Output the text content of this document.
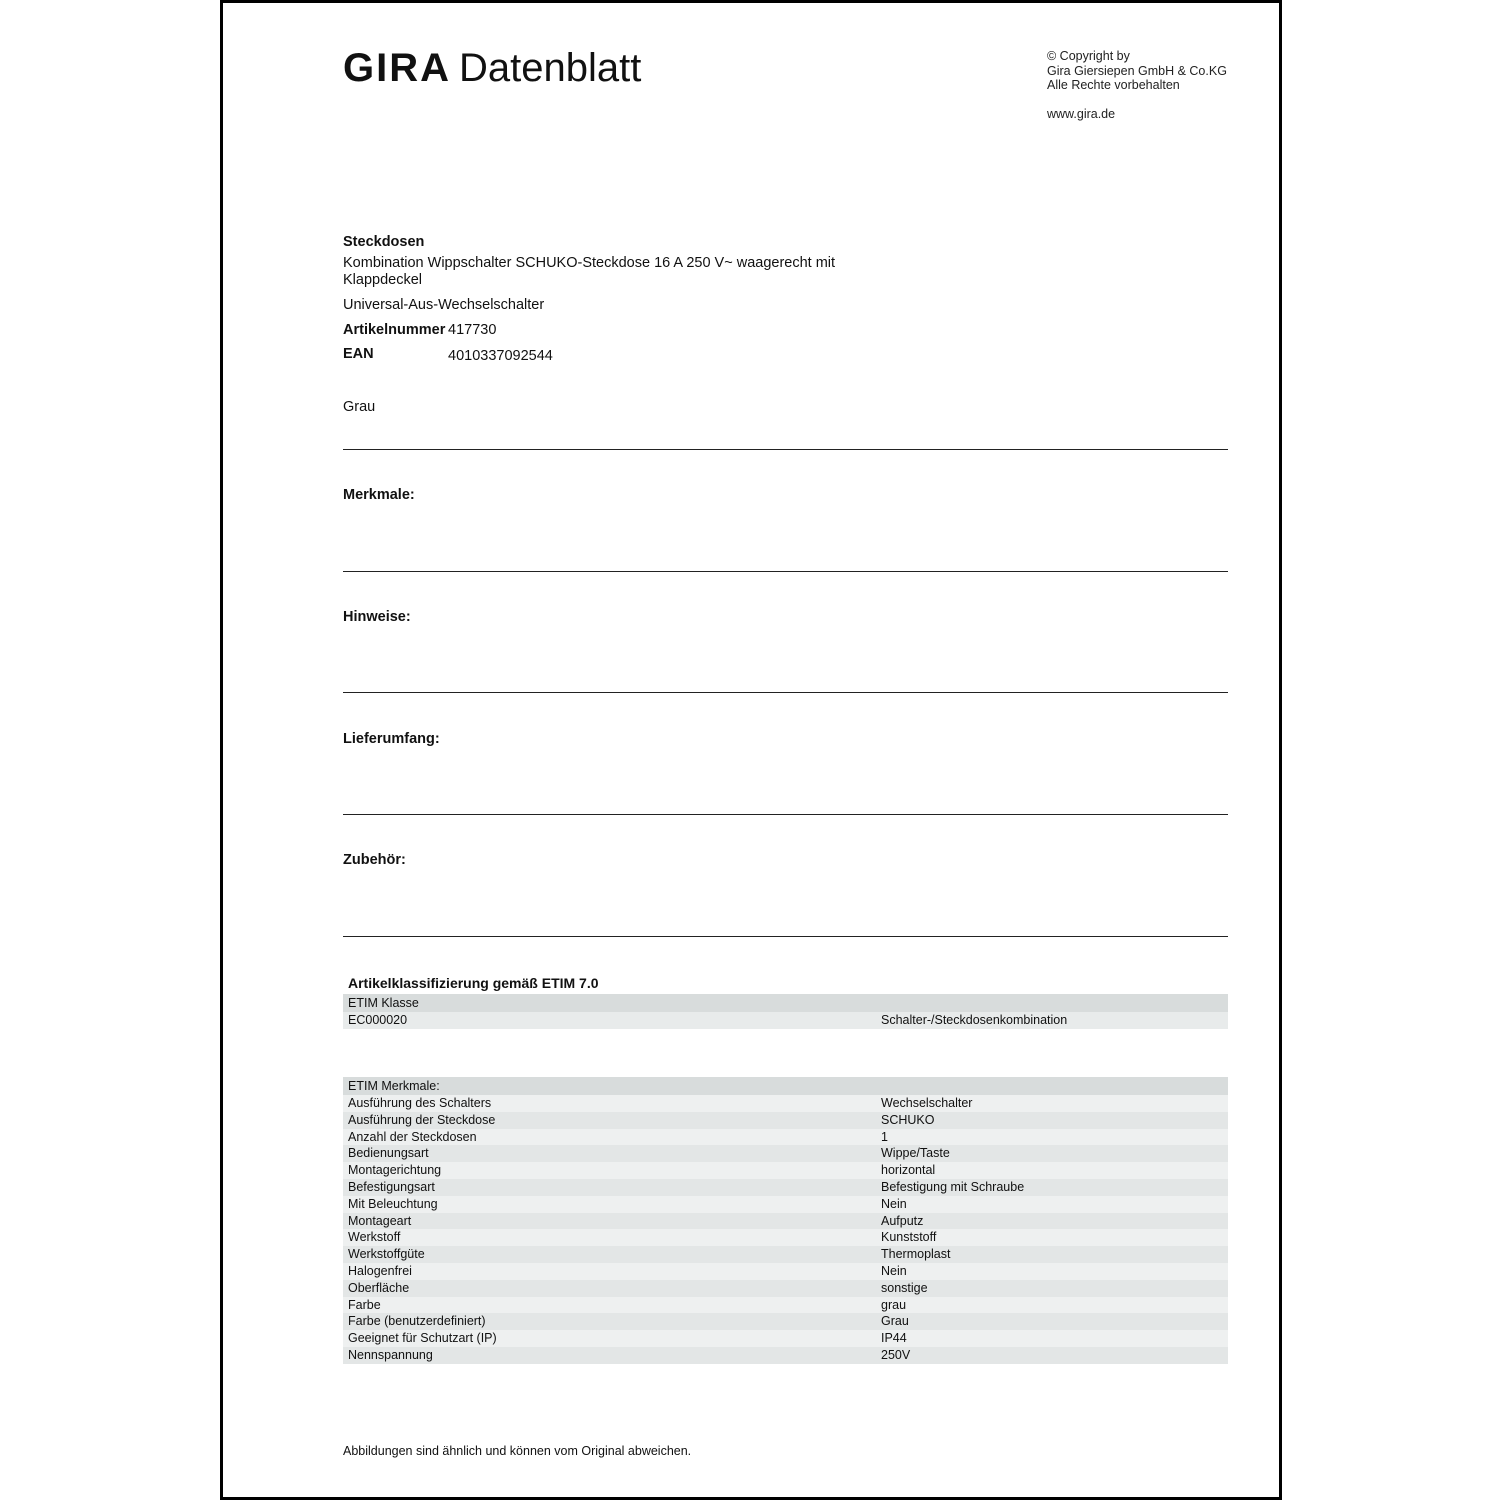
GIRA Datenblatt	© Copyright by
Gira Giersiepen GmbH & Co.KG
Alle Rechte vorbehalten
www.gira.de
Steckdosen
Kombination Wippschalter SCHUKO-Steckdose 16 A 250 V~ waagerecht mit Klappdeckel
Universal-Aus-Wechselschalter
Artikelnummer 417730
EAN	4010337092544
Grau
Merkmale:
Hinweise:
Lieferumfang:
Zubehör:
Artikelklassifizierung gemäß ETIM 7.0
ETIM Klasse
EC000020	Schalter-/Steckdosenkombination
ETIM Merkmale:
Ausführung des Schalters	Wechselschalter
Ausführung der Steckdose	SCHUKO
Anzahl der Steckdosen	1
Bedienungsart	Wippe/Taste
Montagerichtung	horizontal
Befestigungsart	Befestigung mit Schraube
Mit Beleuchtung	Nein
Montageart	Aufputz
Werkstoff	Kunststoff
Werkstoffgüte	Thermoplast
Halogenfrei	Nein
Oberfläche	sonstige
Farbe	grau
Farbe (benutzerdefiniert)	Grau
Geeignet für Schutzart (IP)	IP44
Nennspannung	250V
Abbildungen sind ähnlich und können vom Original abweichen.
